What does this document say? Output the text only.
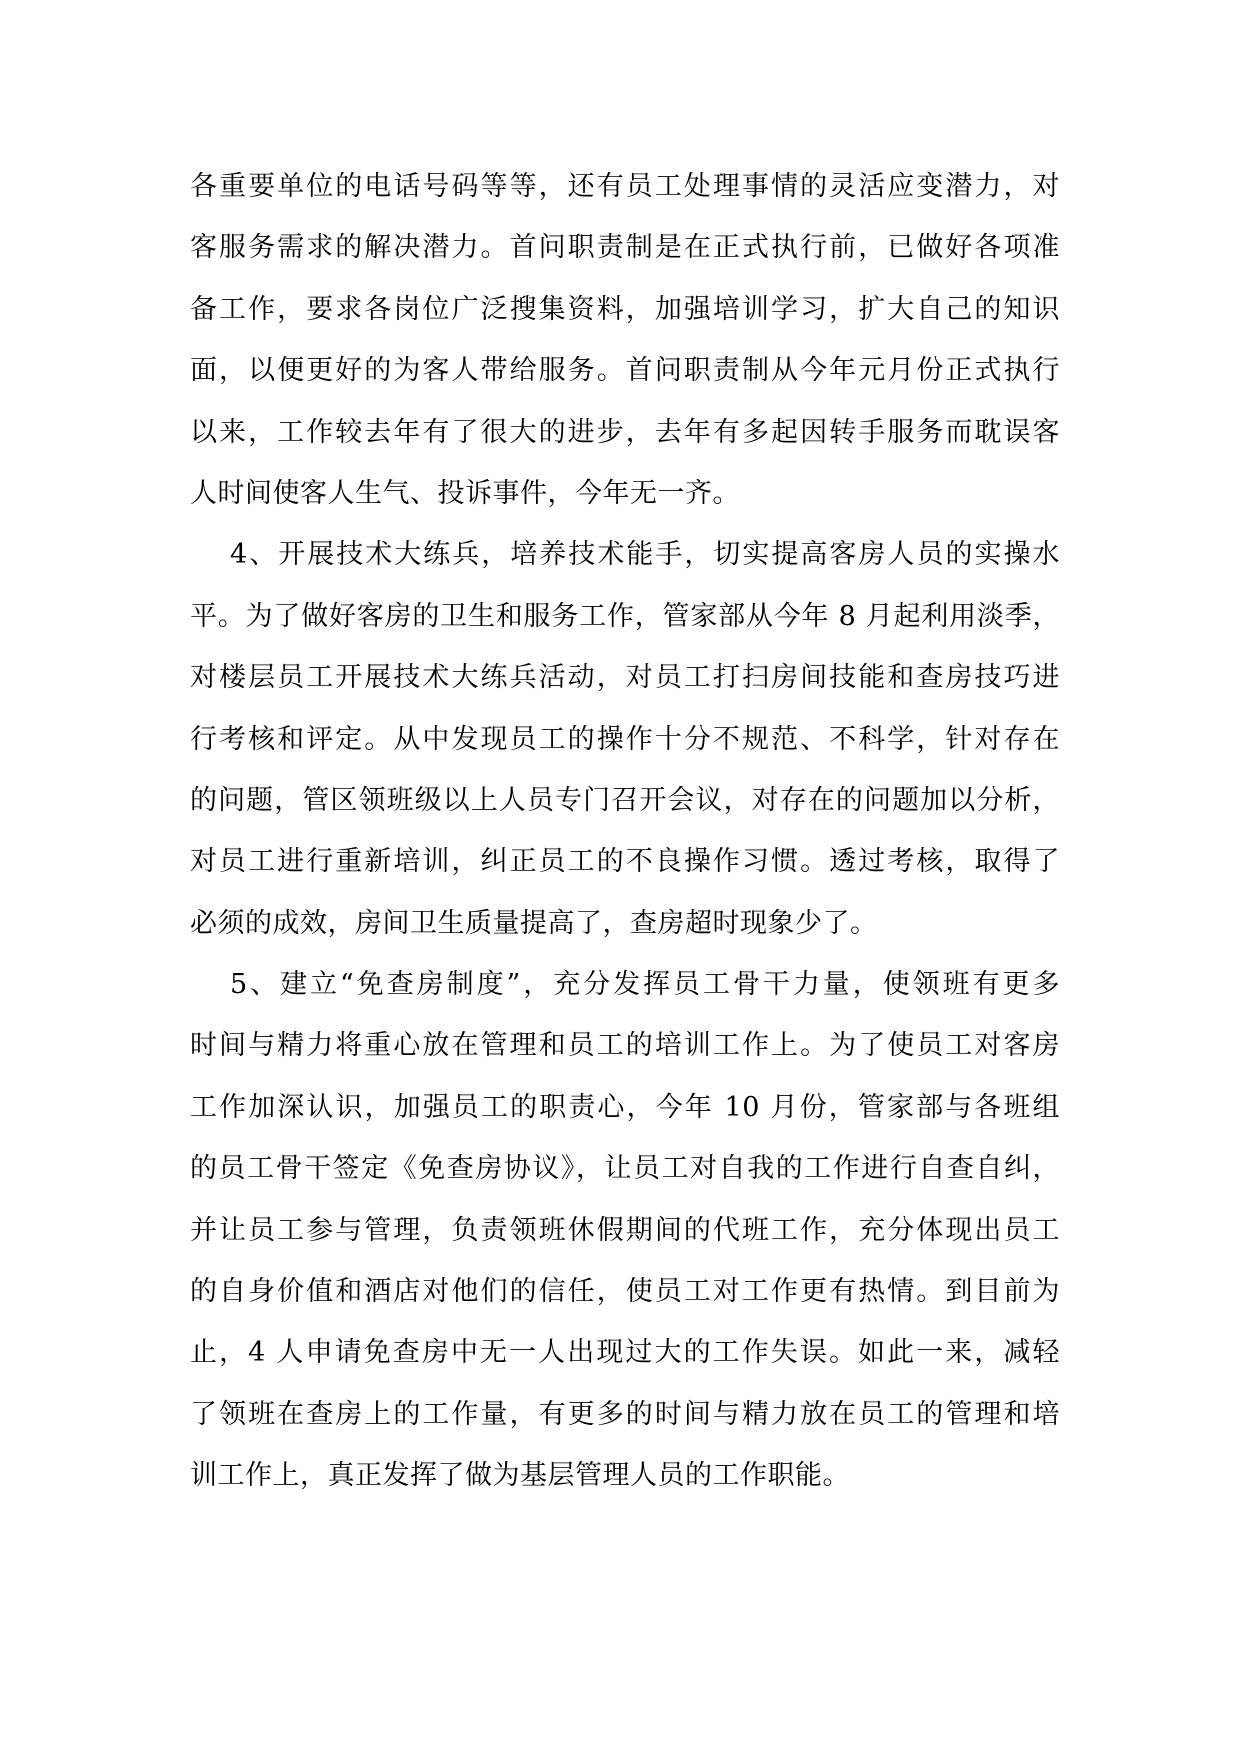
各重要单位的电话号码等等，还有员工处理事情的灵活应变潜力，对
客服务需求的解决潜力。首问职责制是在正式执行前，已做好各项准
备工作，要求各岗位广泛搜集资料，加强培训学习，扩大自己的知识
面，以便更好的为客人带给服务。首问职责制从今年元月份正式执行
以来，工作较去年有了很大的进步，去年有多起因转手服务而耽误客
人时间使客人生气、投诉事件，今年无一齐。
4、开展技术大练兵，培养技术能手，切实提高客房人员的实操水
平。为了做好客房的卫生和服务工作，管家部从今年 8 月起利用淡季，
对楼层员工开展技术大练兵活动，对员工打扫房间技能和查房技巧进
行考核和评定。从中发现员工的操作十分不规范、不科学，针对存在
的问题，管区领班级以上人员专门召开会议，对存在的问题加以分析，
对员工进行重新培训，纠正员工的不良操作习惯。透过考核，取得了
必须的成效，房间卫生质量提高了，查房超时现象少了。
5、建立“免查房制度”，充分发挥员工骨干力量，使领班有更多
时间与精力将重心放在管理和员工的培训工作上。为了使员工对客房
工作加深认识，加强员工的职责心，今年 10 月份，管家部与各班组
的员工骨干签定《免查房协议》，让员工对自我的工作进行自查自纠，
并让员工参与管理，负责领班休假期间的代班工作，充分体现出员工
的自身价值和酒店对他们的信任，使员工对工作更有热情。到目前为
止，4 人申请免查房中无一人出现过大的工作失误。如此一来，减轻
了领班在查房上的工作量，有更多的时间与精力放在员工的管理和培
训工作上，真正发挥了做为基层管理人员的工作职能。
